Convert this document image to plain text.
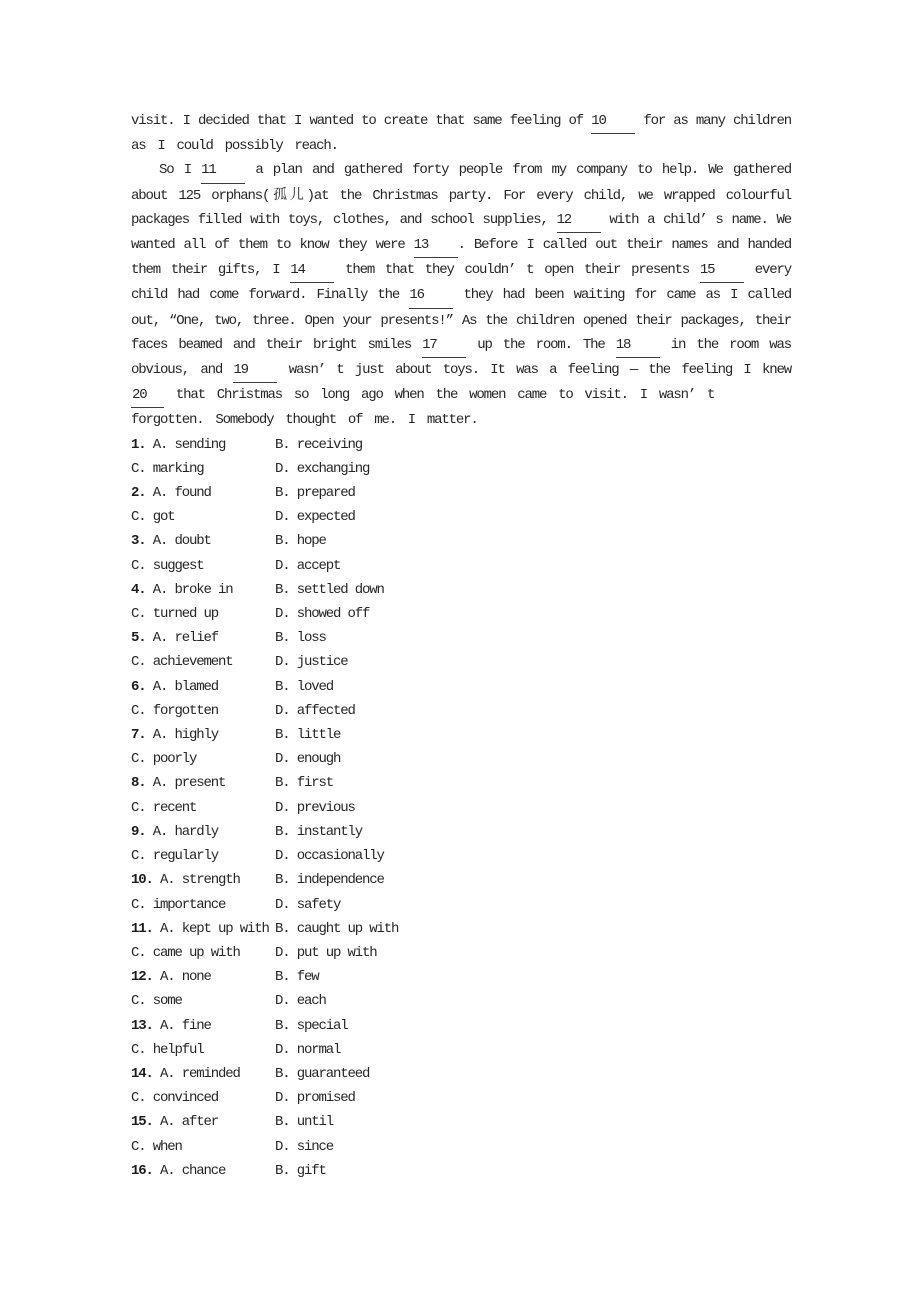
visit. I decided that I wanted to create that same feeling of 10 for as many children
as I could possibly reach.
So I 11 a plan and gathered forty people from my company to help. We gathered
about 125 orphans(孤儿)at the Christmas party. For every child, we wrapped colourful
packages filled with toys, clothes, and school supplies, 12 with a child’ s name. We
wanted all of them to know they were 13 . Before I called out their names and handed
them their gifts, I 14 them that they couldn’ t open their presents 15 every
child had come forward. Finally the 16 they had been waiting for came as I called
out, “One, two, three. Open your presents!” As the children opened their packages, their
faces beamed and their bright smiles 17 up the room. The 18 in the room was
obvious, and 19 wasn’ t just about toys. It was a feeling — the feeling I knew
20 that Christmas so long ago when the women came to visit. I wasn’ t
forgotten. Somebody thought of me. I matter.
1. A. sending	B. receiving
C. marking	D. exchanging
2. A. found	B. prepared
C. got	D. expected
3. A. doubt	B. hope
C. suggest	D. accept
4. A. broke in	B. settled down
C. turned up	D. showed off
5. A. relief	B. loss
C. achievement	D. justice
6. A. blamed	B. loved
C. forgotten	D. affected
7. A. highly	B. little
C. poorly	D. enough
8. A. present	B. first
C. recent	D. previous
9. A. hardly	B. instantly
C. regularly	D. occasionally
10. A. strength	B. independence
C. importance	D. safety
11. A. kept up with B. caught up with
C. came up with	D. put up with
12. A. none	B. few
C. some	D. each
13. A. fine	B. special
C. helpful	D. normal
14. A. reminded	B. guaranteed
C. convinced	D. promised
15. A. after	B. until
C. when	D. since
16. A. chance	B. gift
